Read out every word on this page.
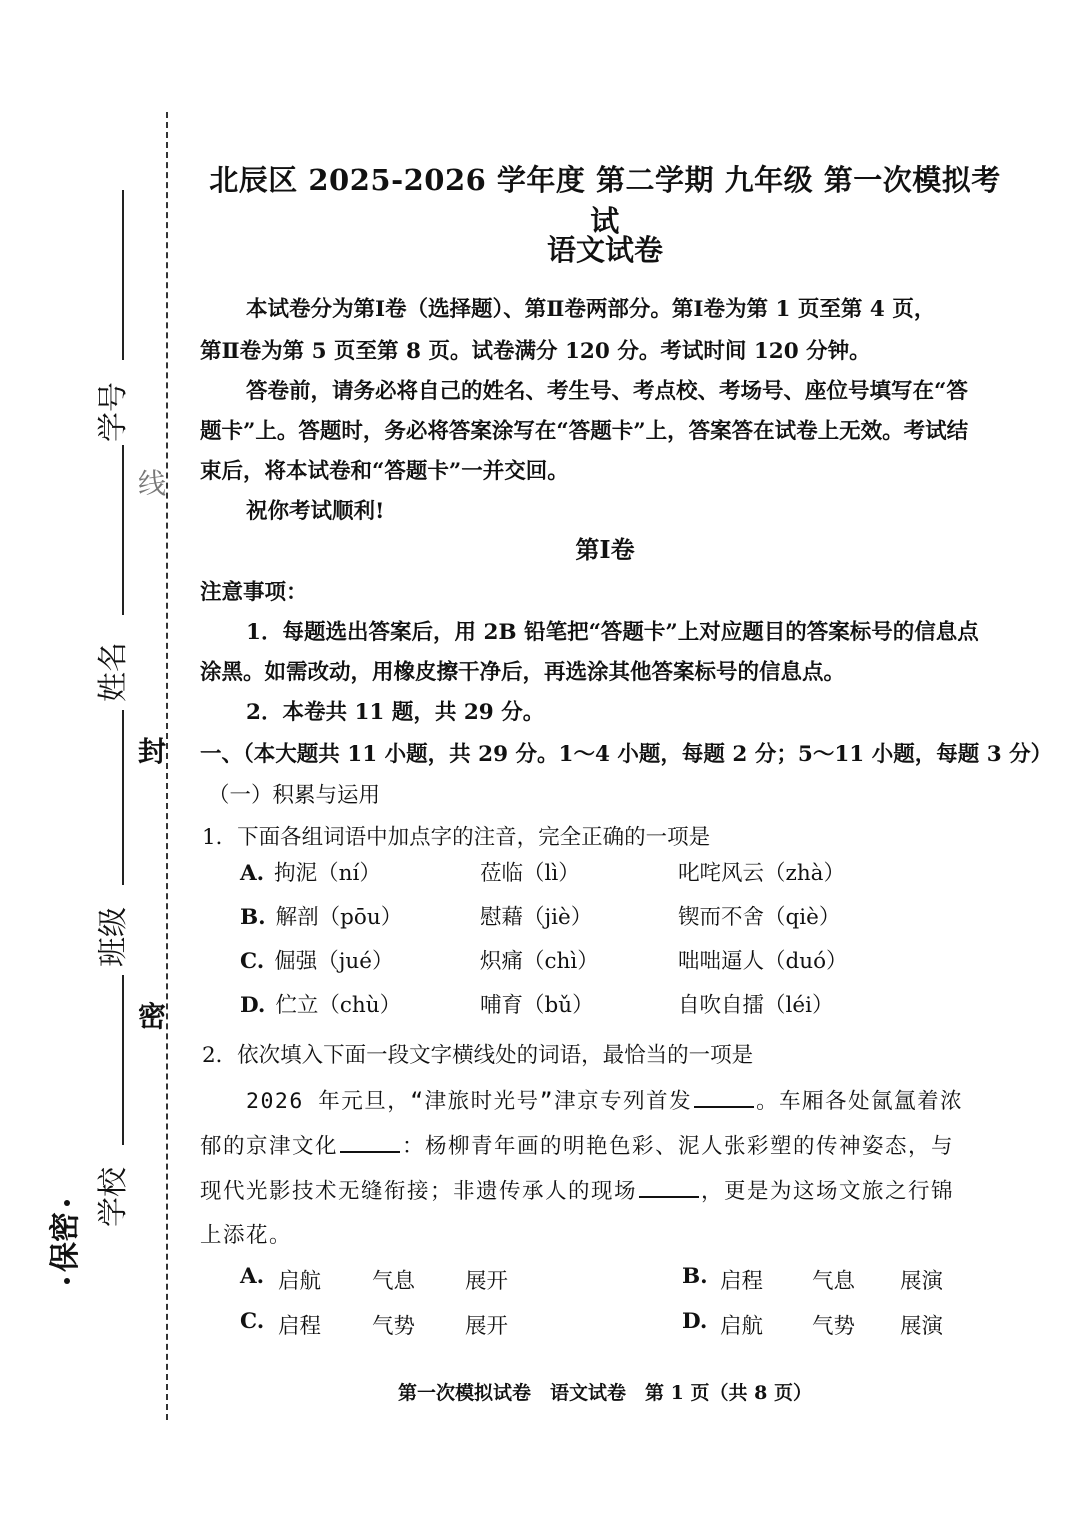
学号
姓名
班级
学校
保密
线
封
密
北辰区 2025-2026 学年度 第二学期 九年级 第一次模拟考试
语文试卷
本试卷分为第Ⅰ卷（选择题）、第Ⅱ卷两部分。第Ⅰ卷为第 1 页至第 4 页，
第Ⅱ卷为第 5 页至第 8 页。试卷满分 120 分。考试时间 120 分钟。
答卷前，请务必将自己的姓名、考生号、考点校、考场号、座位号填写在“答
题卡”上。答题时，务必将答案涂写在“答题卡”上，答案答在试卷上无效。考试结
束后，将本试卷和“答题卡”一并交回。
祝你考试顺利!
第Ⅰ卷
注意事项：
1．每题选出答案后，用 2B 铅笔把“答题卡”上对应题目的答案标号的信息点
涂黑。如需改动，用橡皮擦干净后，再选涂其他答案标号的信息点。
2．本卷共 11 题，共 29 分。
一、（本大题共 11 小题，共 29 分。1～4 小题，每题 2 分；5～11 小题，每题 3 分）
（一）积累与运用
1．下面各组词语中加点字的注音，完全正确的一项是
A. 拘泥（ní）	莅临（lì）	叱咤风云（zhà）
B. 解剖（pōu）	慰藉（jiè）	锲而不舍（qiè）
C. 倔强（jué）	炽痛（chì）	咄咄逼人（duó）
D. 伫立（chù）	哺育（bǔ）	自吹自擂（léi）
2．依次填入下面一段文字横线处的词语，最恰当的一项是
2026 年元旦，“津旅时光号”津京专列首发	。车厢各处氤氲着浓
郁的京津文化	：杨柳青年画的明艳色彩、泥人张彩塑的传神姿态，与
现代光影技术无缝衔接；非遗传承人的现场	，更是为这场文旅之行锦
上添花。
A. 启航 气息 展开	B. 启程 气息 展演
C. 启程 气势 展开	D. 启航 气势 展演
第一次模拟试卷　语文试卷　第 1 页（共 8 页）
